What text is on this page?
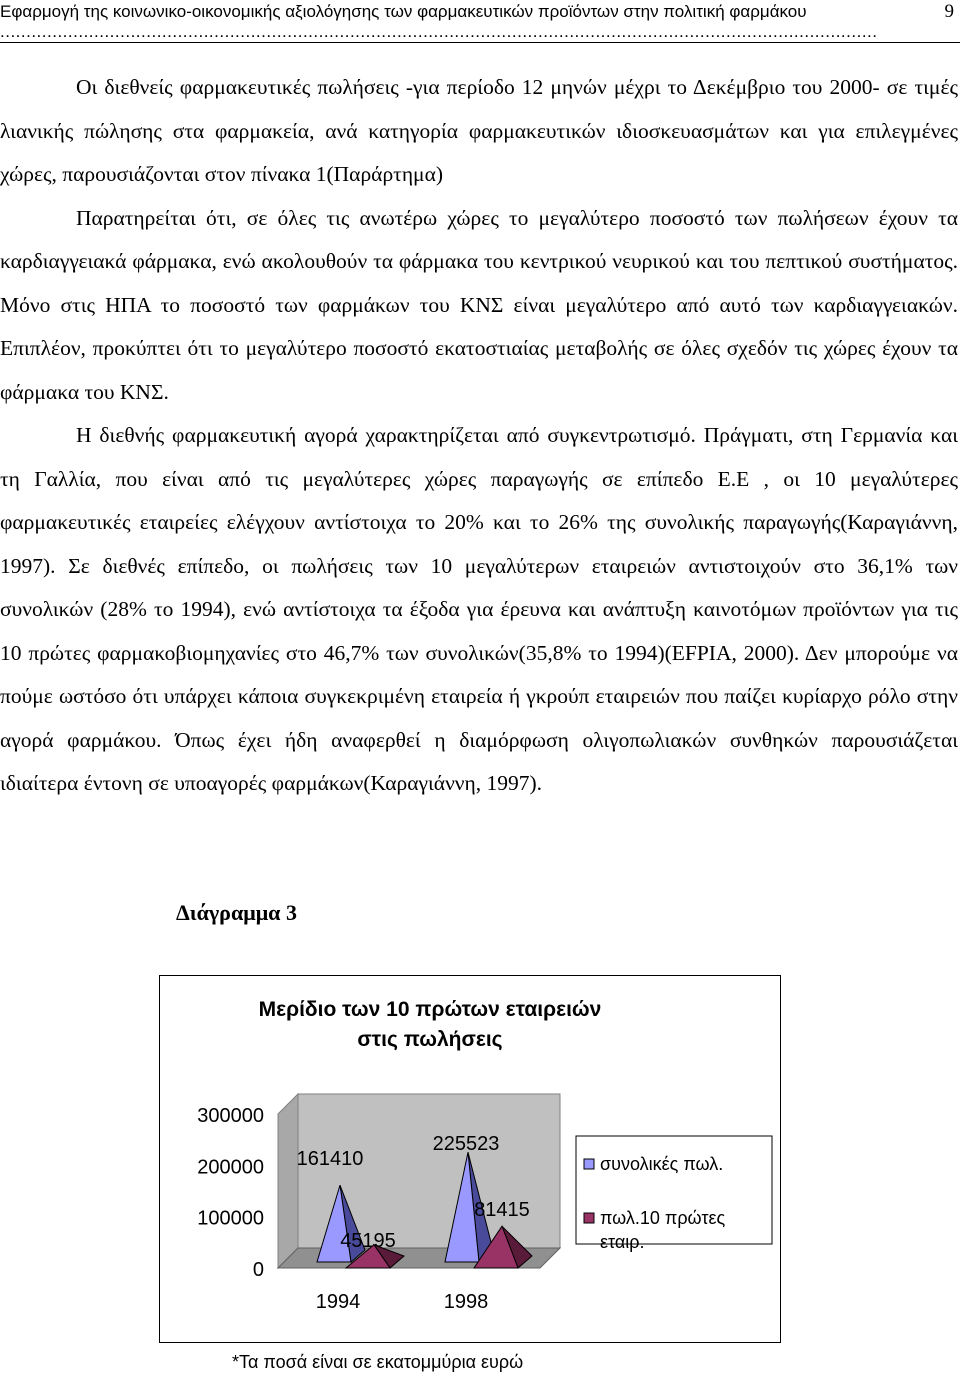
Εφαρμογή της κοινωνικο-οικονομικής αξιολόγησης των φαρμακευτικών προϊόντων στην πολιτική φαρμάκου ........................................................................................................................................................................
9

Οι διεθνείς φαρμακευτικές πωλήσεις -για περίοδο 12 μηνών μέχρι το Δεκέμβριο του 2000- σε τιμές λιανικής πώλησης στα φαρμακεία, ανά κατηγορία φαρμακευτικών ιδιοσκευασμάτων και για επιλεγμένες χώρες, παρουσιάζονται στον πίνακα 1(Παράρτημα)

Παρατηρείται ότι, σε όλες τις ανωτέρω χώρες το μεγαλύτερο ποσοστό των πωλήσεων έχουν τα καρδιαγγειακά φάρμακα, ενώ ακολουθούν τα φάρμακα του κεντρικού νευρικού και του πεπτικού συστήματος. Μόνο στις ΗΠΑ το ποσοστό των φαρμάκων του ΚΝΣ είναι μεγαλύτερο από αυτό των καρδιαγγειακών. Επιπλέον, προκύπτει ότι το μεγαλύτερο ποσοστό εκατοστιαίας μεταβολής σε όλες σχεδόν τις χώρες έχουν τα φάρμακα του ΚΝΣ.

Η διεθνής φαρμακευτική αγορά χαρακτηρίζεται από συγκεντρωτισμό. Πράγματι, στη Γερμανία και τη Γαλλία, που είναι από τις μεγαλύτερες χώρες παραγωγής σε επίπεδο Ε.Ε , οι 10 μεγαλύτερες φαρμακευτικές εταιρείες ελέγχουν αντίστοιχα το 20% και το 26% της συνολικής παραγωγής(Καραγιάννη, 1997). Σε διεθνές επίπεδο, οι πωλήσεις των 10 μεγαλύτερων εταιρειών αντιστοιχούν στο 36,1% των συνολικών (28% το 1994), ενώ αντίστοιχα τα έξοδα για έρευνα και ανάπτυξη καινοτόμων προϊόντων για τις 10 πρώτες φαρμακοβιομηχανίες στο 46,7% των συνολικών(35,8% το 1994)(EFPIA, 2000). Δεν μπορούμε να πούμε ωστόσο ότι υπάρχει κάποια συγκεκριμένη εταιρεία ή γκρούπ εταιρειών που παίζει κυρίαρχο ρόλο στην αγορά φαρμάκου. Όπως έχει ήδη αναφερθεί η διαμόρφωση ολιγοπωλιακών συνθηκών παρουσιάζεται ιδιαίτερα έντονη σε υπoαγορές φαρμάκων(Καραγιάννη, 1997).

Διάγραμμα 3
Μερίδιο των 10 πρώτων εταιρειών
στις πωλήσεις
300000
200000
100000
0
161410
225523
45195
81415
1994	1998
συνολικές πωλ.
πωλ.10 πρώτες
εταιρ.
*Τα ποσά είναι σε εκατομμύρια ευρώ
